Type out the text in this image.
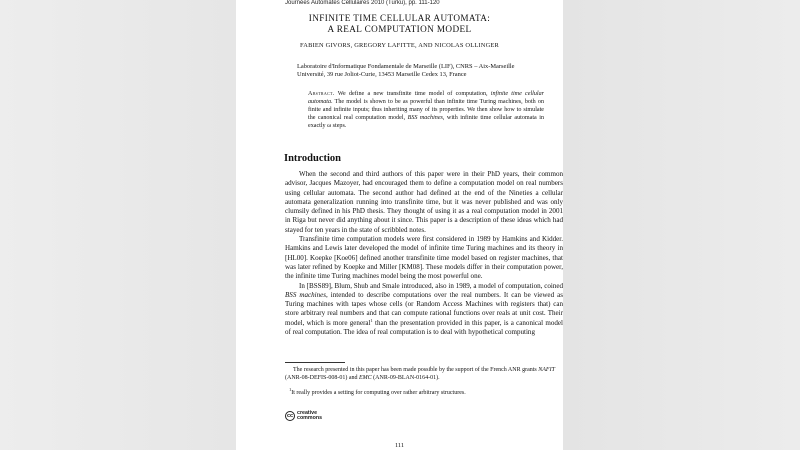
Journées Automates Cellulaires 2010 (Turku), pp. 111-120
INFINITE TIME CELLULAR AUTOMATA:
A REAL COMPUTATION MODEL
FABIEN GIVORS, GREGORY LAFITTE, AND NICOLAS OLLINGER
Laboratoire d'Informatique Fondamentale de Marseille (LIF), CNRS – Aix-Marseille Université, 39 rue Joliot-Curie, 13453 Marseille Cedex 13, France
Abstract. We define a new transfinite time model of computation, infinite time cellular automata. The model is shown to be as powerful than infinite time Turing machines, both on finite and infinite inputs; thus inheriting many of its properties. We then show how to simulate the canonical real computation model, BSS machines, with infinite time cellular automata in exactly ω steps.
Introduction

When the second and third authors of this paper were in their PhD years, their common advisor, Jacques Mazoyer, had encouraged them to define a computation model on real numbers using cellular automata. The second author had defined at the end of the Nineties a cellular automata generalization running into transfinite time, but it was never published and was only clumsily defined in his PhD thesis. They thought of using it as a real computation model in 2001 in Riga but never did anything about it since. This paper is a description of these ideas which had stayed for ten years in the state of scribbled notes.

Transfinite time computation models were first considered in 1989 by Hamkins and Kidder. Hamkins and Lewis later developed the model of infinite time Turing machines and its theory in [HL00]. Koepke [Koe06] defined another transfinite time model based on register machines, that was later refined by Koepke and Miller [KM08]. These models differ in their computation power, the infinite time Turing machines model being the most powerful one.

In [BSS89], Blum, Shub and Smale introduced, also in 1989, a model of computation, coined BSS machines, intended to describe computations over the real numbers. It can be viewed as Turing machines with tapes whose cells (or Random Access Machines with registers that) can store arbitrary real numbers and that can compute rational functions over reals at unit cost. Their model, which is more general$^1$ than the presentation provided in this paper, is a canonical model of real computation. The idea of real computation is to deal with hypothetical computing

The research presented in this paper has been made possible by the support of the French ANR grants NAFIT (ANR-08-DEFIS-008-01) and EMC (ANR-09-BLAN-0164-01).
$^1$It really provides a setting for computing over rather arbitrary structures.
cc
creative
commons
111
